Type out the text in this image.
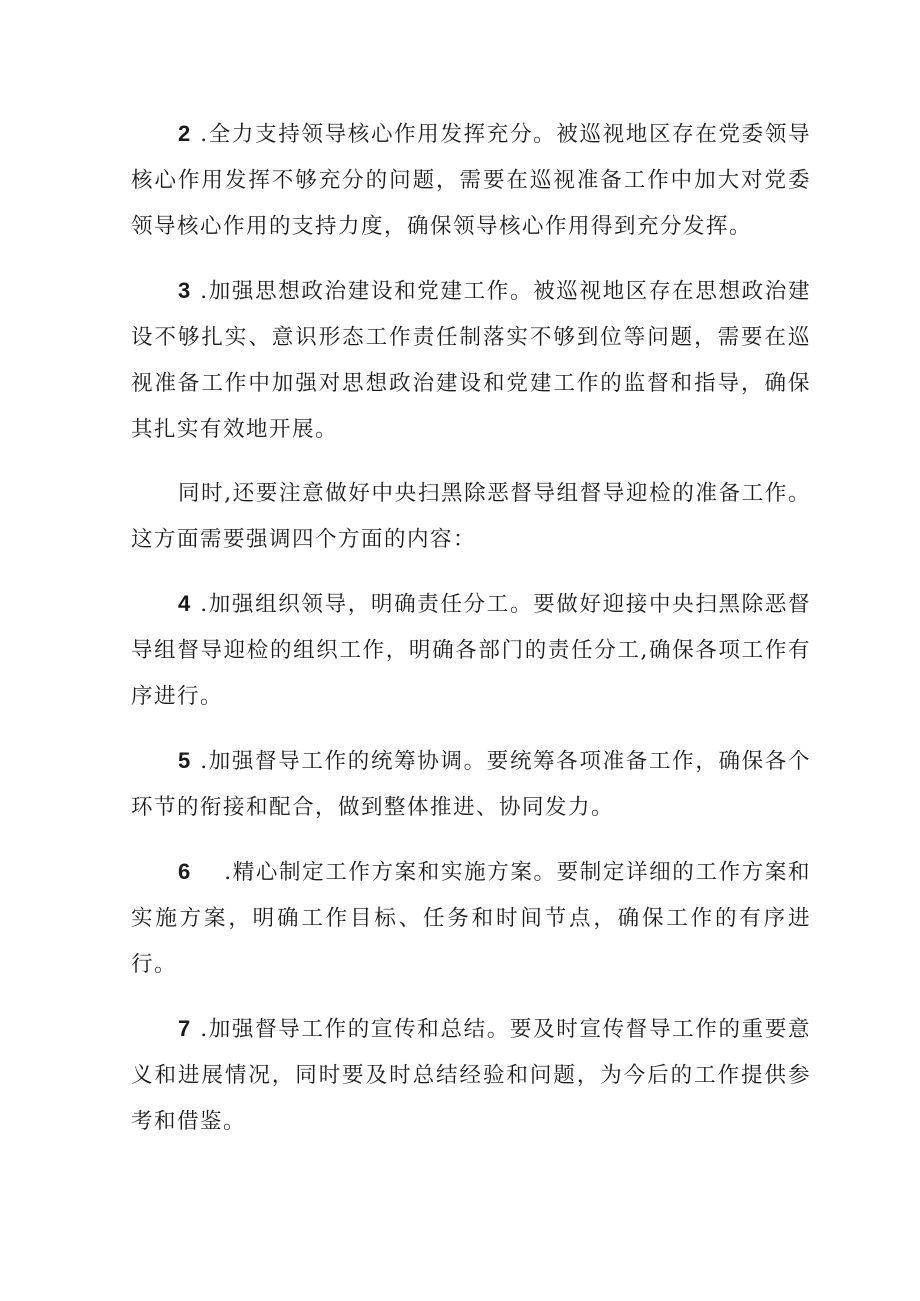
2 .全力支持领导核心作用发挥充分。被巡视地区存在党委领导核心作用发挥不够充分的问题，需要在巡视准备工作中加大对党委领导核心作用的支持力度，确保领导核心作用得到充分发挥。

3 .加强思想政治建设和党建工作。被巡视地区存在思想政治建设不够扎实、意识形态工作责任制落实不够到位等问题，需要在巡视准备工作中加强对思想政治建设和党建工作的监督和指导，确保其扎实有效地开展。

同时,还要注意做好中央扫黑除恶督导组督导迎检的准备工作。这方面需要强调四个方面的内容：

4 .加强组织领导，明确责任分工。要做好迎接中央扫黑除恶督导组督导迎检的组织工作，明确各部门的责任分工,确保各项工作有序进行。

5 .加强督导工作的统筹协调。要统筹各项准备工作，确保各个环节的衔接和配合，做到整体推进、协同发力。

6 .精心制定工作方案和实施方案。要制定详细的工作方案和实施方案，明确工作目标、任务和时间节点，确保工作的有序进行。

7 .加强督导工作的宣传和总结。要及时宣传督导工作的重要意义和进展情况，同时要及时总结经验和问题，为今后的工作提供参考和借鉴。
